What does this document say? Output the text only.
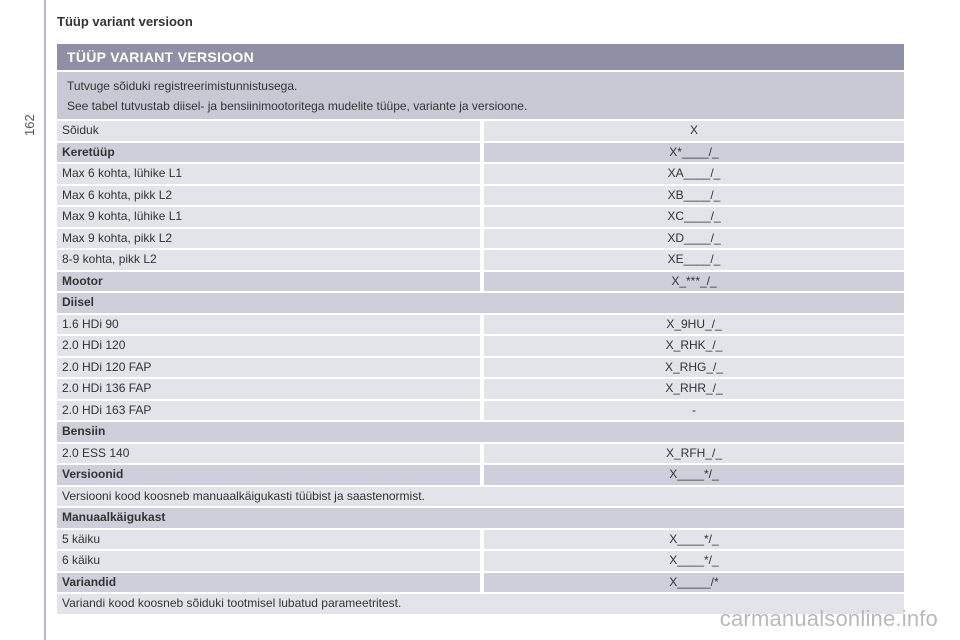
162
Tüüp variant versioon
TÜÜP VARIANT VERSIOON

Tutvuge sõiduki registreerimistunnistusega.

See tabel tutvustab diisel- ja bensiinimootoritega mudelite tüüpe, variante ja versioone.

Sõiduk	X
Keretüüp	X*____/_
Max 6 kohta, lühike L1	XA____/_
Max 6 kohta, pikk L2	XB____/_
Max 9 kohta, lühike L1	XC____/_
Max 9 kohta, pikk L2	XD____/_
8-9 kohta, pikk L2	XE____/_
Mootor	X_***_/_
Diisel
1.6 HDi 90	X_9HU_/_
2.0 HDi 120	X_RHK_/_
2.0 HDi 120 FAP	X_RHG_/_
2.0 HDi 136 FAP	X_RHR_/_
2.0 HDi 163 FAP	-
Bensiin
2.0 ESS 140	X_RFH_/_
Versioonid	X____*/_
Versiooni kood koosneb manuaalkäigukasti tüübist ja saastenormist.
Manuaalkäigukast
5 käiku	X____*/_
6 käiku	X____*/_
Variandid	X_____/*
Variandi kood koosneb sõiduki tootmisel lubatud parameetritest.
carmanualsonline.info
